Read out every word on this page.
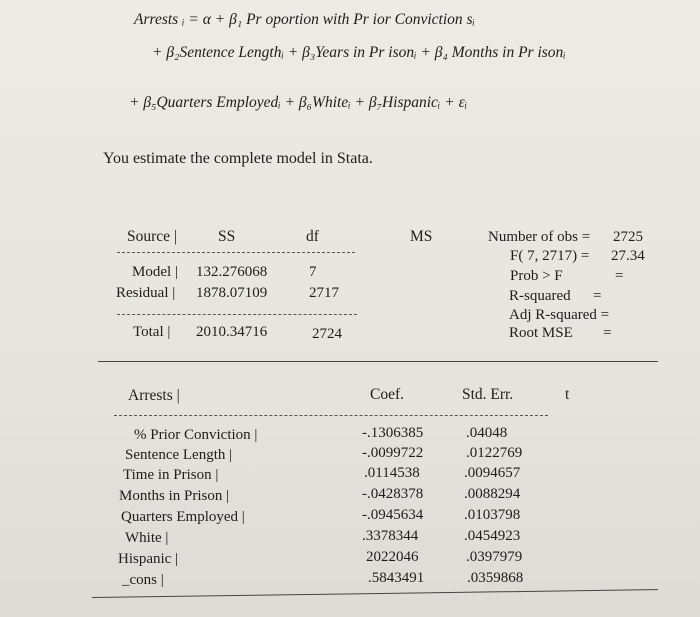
Arrests ᵢ = α + β₁ Pr oportion with Pr ior Conviction sᵢ
+ β₂Sentence Lengthᵢ + β₃Years in Pr isonᵢ + β₄ Months in Pr isonᵢ
+ β₅Quarters Employedᵢ + β₆Whiteᵢ + β₇Hispanicᵢ + εᵢ
You estimate the complete model in Stata.
Source |	SS	df	MS
Model | 132.276068	7
Residual | 1878.07109	2717
Total | 2010.34716	2724
Number of obs = 2725
F( 7, 2717) = 27.34
Prob > F	=
R-squared =
Adj R-squared =
Root MSE =
Arrests |	Coef.	Std. Err.	t
% Prior Conviction |	-.1306385	.04048
Sentence Length |	-.0099722	.0122769
Time in Prison |	.0114538	.0094657
Months in Prison |	-.0428378	.0088294
Quarters Employed |	-.0945634	.0103798
White |	.3378344	.0454923
Hispanic |	2022046	.0397979
_cons |	.5843491	.0359868
